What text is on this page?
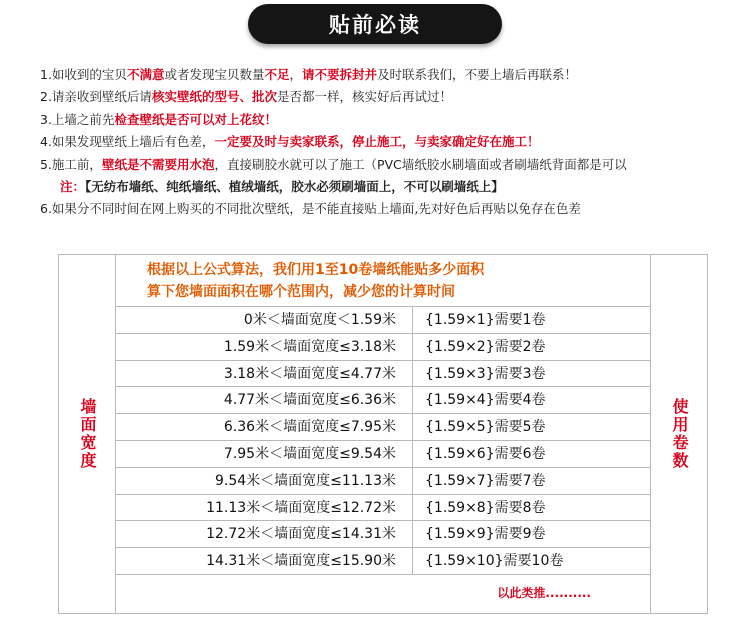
贴前必读
1.如收到的宝贝不满意或者发现宝贝数量不足，请不要拆封并及时联系我们，不要上墙后再联系！
2.请亲收到壁纸后请核实壁纸的型号、批次是否都一样，核实好后再试过！
3.上墙之前先检查壁纸是否可以对上花纹！
4.如果发现壁纸上墙后有色差，一定要及时与卖家联系，停止施工，与卖家确定好在施工！
5.施工前，壁纸是不需要用水泡，直接刷胶水就可以了施工（PVC墙纸胶水刷墙面或者刷墙纸背面都是可以
注：【无纺布墙纸、纯纸墙纸、植绒墙纸，胶水必须刷墙面上，不可以刷墙纸上】
6.如果分不同时间在网上购买的不同批次壁纸，是不能直接贴上墙面,先对好色后再贴以免存在色差
墙面宽度
根据以上公式算法，我们用1至10卷墙纸能贴多少面积
算下您墙面面积在哪个范围内，减少您的计算时间
0米＜墙面宽度＜1.59米	{1.59×1}需要1卷
1.59米＜墙面宽度≤3.18米	{1.59×2}需要2卷
3.18米＜墙面宽度≤4.77米	{1.59×3}需要3卷
4.77米＜墙面宽度≤6.36米	{1.59×4}需要4卷
6.36米＜墙面宽度≤7.95米	{1.59×5}需要5卷
7.95米＜墙面宽度≤9.54米	{1.59×6}需要6卷
9.54米＜墙面宽度≤11.13米	{1.59×7}需要7卷
11.13米＜墙面宽度≤12.72米	{1.59×8}需要8卷
12.72米＜墙面宽度≤14.31米	{1.59×9}需要9卷
14.31米＜墙面宽度≤15.90米	{1.59×10}需要10卷
以此类推..........
使用卷数
